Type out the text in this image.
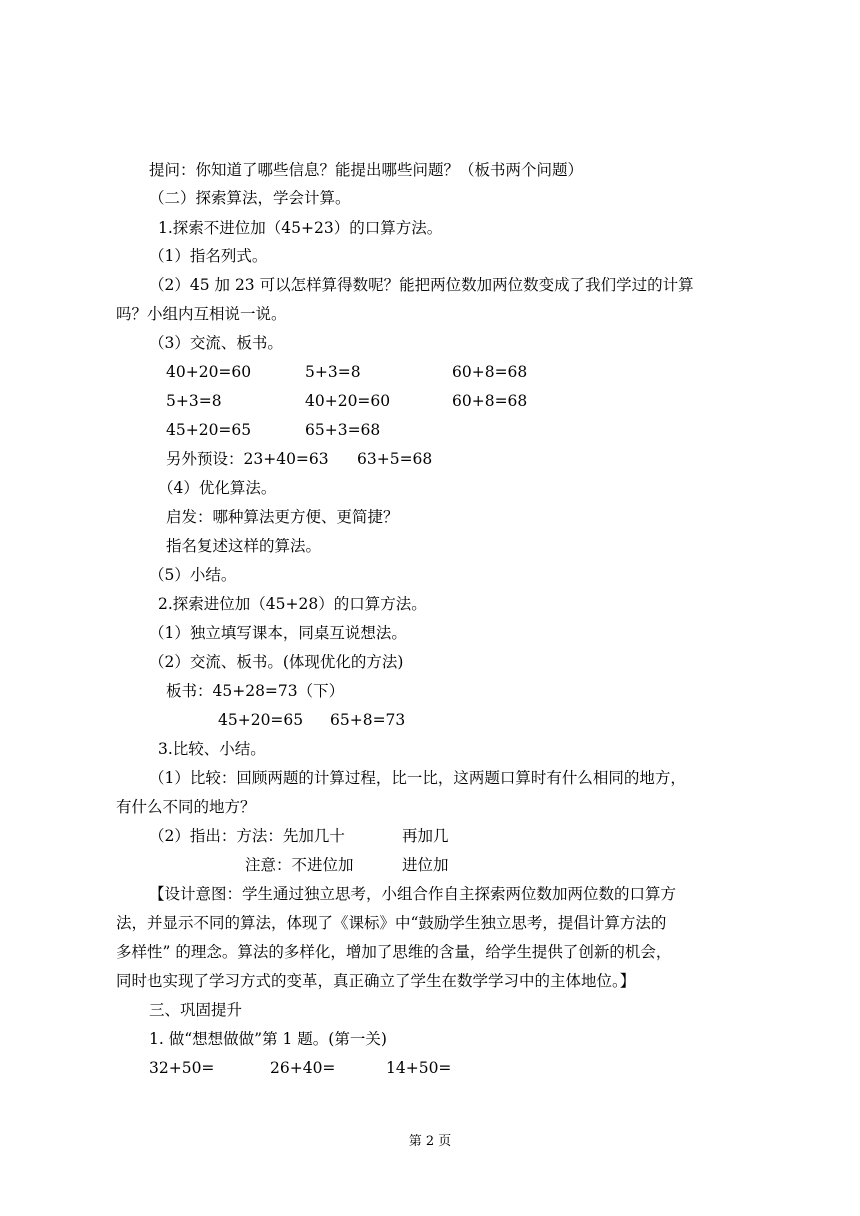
提问：你知道了哪些信息？能提出哪些问题？（板书两个问题）
（二）探索算法，学会计算。
1.探索不进位加（45+23）的口算方法。
（1）指名列式。
（2）45 加 23 可以怎样算得数呢？能把两位数加两位数变成了我们学过的计算
吗？小组内互相说一说。
（3）交流、板书。
40+20=60	5+3=8	60+8=68
5+3=8	40+20=60	60+8=68
45+20=65	65+3=68
另外预设：23+40=63 63+5=68
（4）优化算法。
启发：哪种算法更方便、更简捷？
指名复述这样的算法。
（5）小结。
2.探索进位加（45+28）的口算方法。
（1）独立填写课本，同桌互说想法。
（2）交流、板书。(体现优化的方法)
板书：45+28=73（下）
45+20=65 65+8=73
3.比较、小结。
（1）比较：回顾两题的计算过程，比一比，这两题口算时有什么相同的地方，
有什么不同的地方？
（2）指出：方法：先加几十	再加几
注意：不进位加	进位加
【设计意图：学生通过独立思考，小组合作自主探索两位数加两位数的口算方
法，并显示不同的算法，体现了《课标》中“鼓励学生独立思考，提倡计算方法的
多样性” 的理念。算法的多样化，增加了思维的含量，给学生提供了创新的机会，
同时也实现了学习方式的变革，真正确立了学生在数学学习中的主体地位。】
三、巩固提升
1. 做“想想做做”第 1 题。(第一关)
32+50=	26+40=	14+50=
第 2 页
